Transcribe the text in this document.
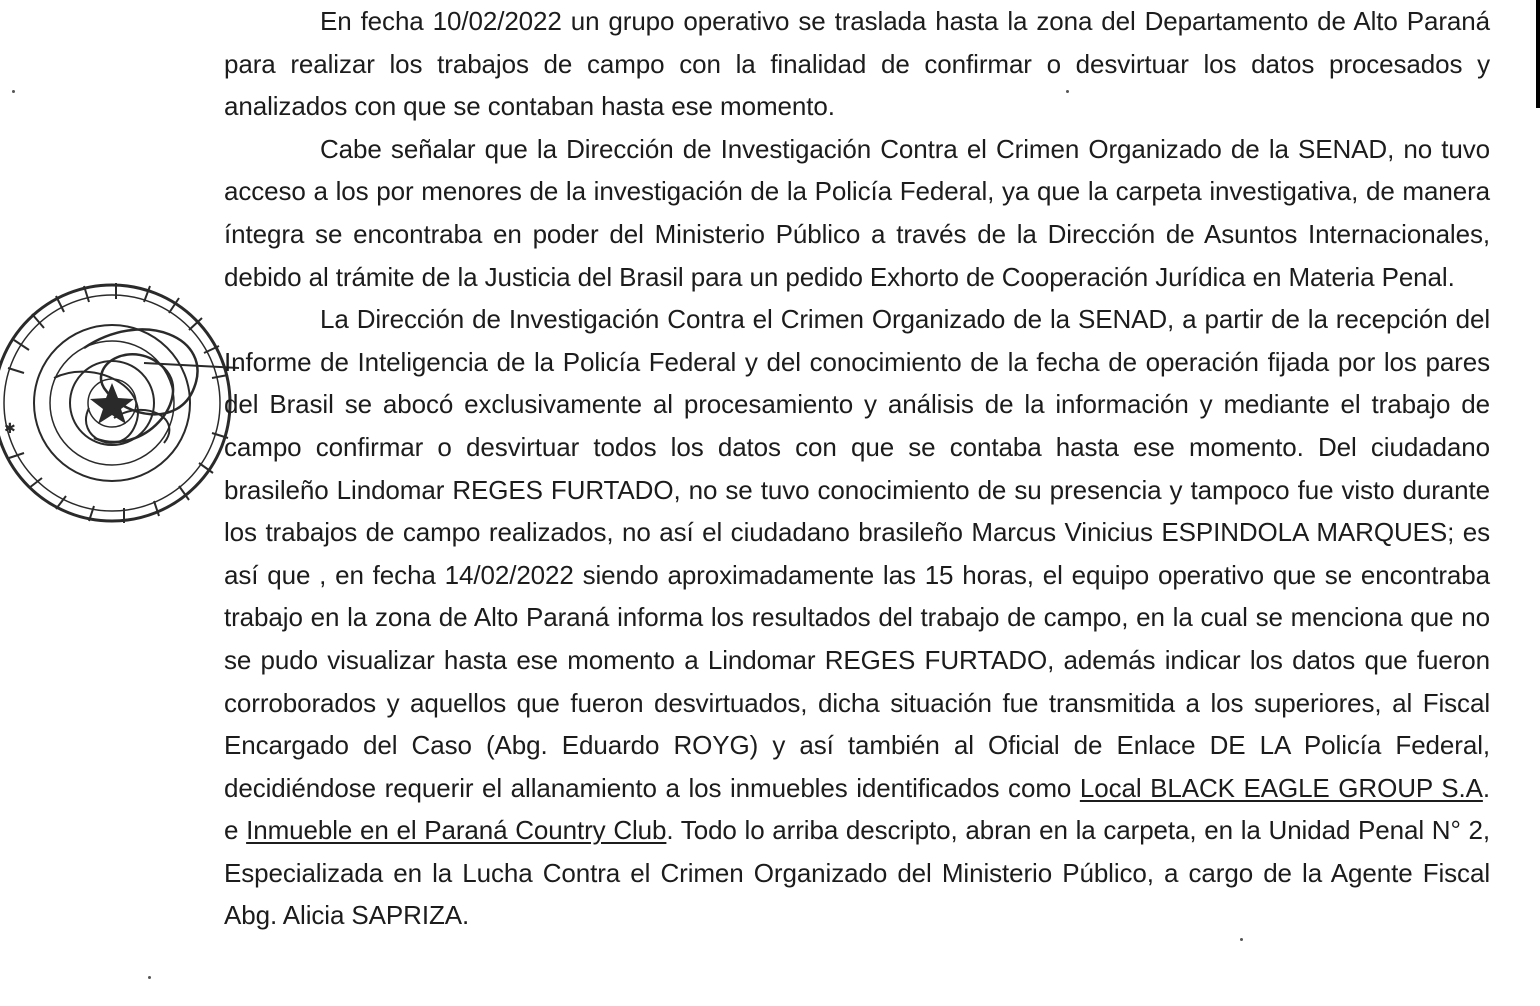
✱

En fecha 10/02/2022 un grupo operativo se traslada hasta la zona del Departamento de Alto Paraná para realizar los trabajos de campo con la finalidad de confirmar o desvirtuar los datos procesados y analizados con que se contaban hasta ese momento.

Cabe señalar que la Dirección de Investigación Contra el Crimen Organizado de la SENAD, no tuvo acceso a los por menores de la investigación de la Policía Federal, ya que la carpeta investigativa, de manera íntegra se encontraba en poder del Ministerio Público a través de la Dirección de Asuntos Internacionales, debido al trámite de la Justicia del Brasil para un pedido Exhorto de Cooperación Jurídica en Materia Penal.

La Dirección de Investigación Contra el Crimen Organizado de la SENAD, a partir de la recepción del Informe de Inteligencia de la Policía Federal y del conocimiento de la fecha de operación fijada por los pares del Brasil se abocó exclusivamente al procesamiento y análisis de la información y mediante el trabajo de campo confirmar o desvirtuar todos los datos con que se contaba hasta ese momento. Del ciudadano brasileño Lindomar REGES FURTADO, no se tuvo conocimiento de su presencia y tampoco fue visto durante los trabajos de campo realizados, no así el ciudadano brasileño Marcus Vinicius ESPINDOLA MARQUES; es así que , en fecha 14/02/2022 siendo aproximadamente las 15 horas, el equipo operativo que se encontraba trabajo en la zona de Alto Paraná informa los resultados del trabajo de campo, en la cual se menciona que no se pudo visualizar hasta ese momento a Lindomar REGES FURTADO, además indicar los datos que fueron corroborados y aquellos que fueron desvirtuados, dicha situación fue transmitida a los superiores, al Fiscal Encargado del Caso (Abg. Eduardo ROYG) y así también al Oficial de Enlace DE LA Policía Federal, decidiéndose requerir el allanamiento a los inmuebles identificados como Local BLACK EAGLE GROUP S.A. e Inmueble en el Paraná Country Club. Todo lo arriba descripto, abran en la carpeta, en la Unidad Penal N° 2, Especializada en la Lucha Contra el Crimen Organizado del Ministerio Público, a cargo de la Agente Fiscal Abg. Alicia SAPRIZA.
